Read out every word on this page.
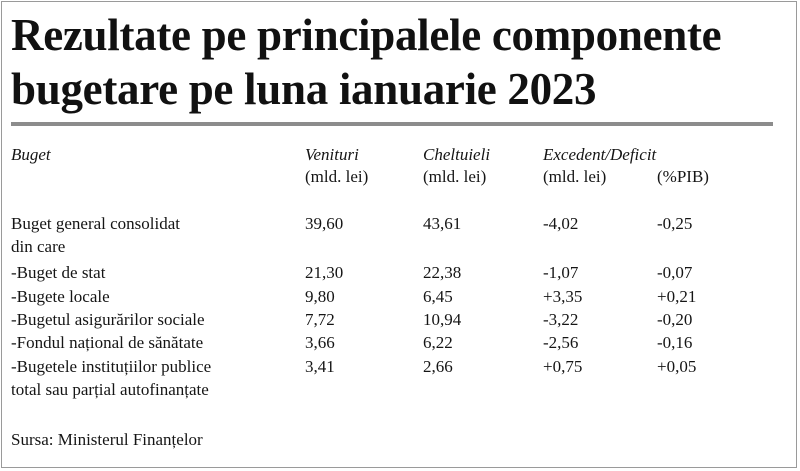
Rezultate pe principalele componente
bugetare pe luna ianuarie 2023
Buget	Venituri	Cheltuieli	Excedent/Deficit
(mld. lei)	(mld. lei)	(mld. lei)	(%PIB)
Buget general consolidat
din care
39,60	43,61	-4,02	-0,25
-Buget de stat	21,30	22,38	-1,07	-0,07
-Bugete locale	9,80	6,45	+3,35	+0,21
-Bugetul asigurărilor sociale	7,72	10,94	-3,22	-0,20
-Fondul național de sănătate	3,66	6,22	-2,56	-0,16
-Bugetele instituțiilor publice
total sau parțial autofinanțate
3,41	2,66	+0,75	+0,05
Sursa: Ministerul Finanțelor
